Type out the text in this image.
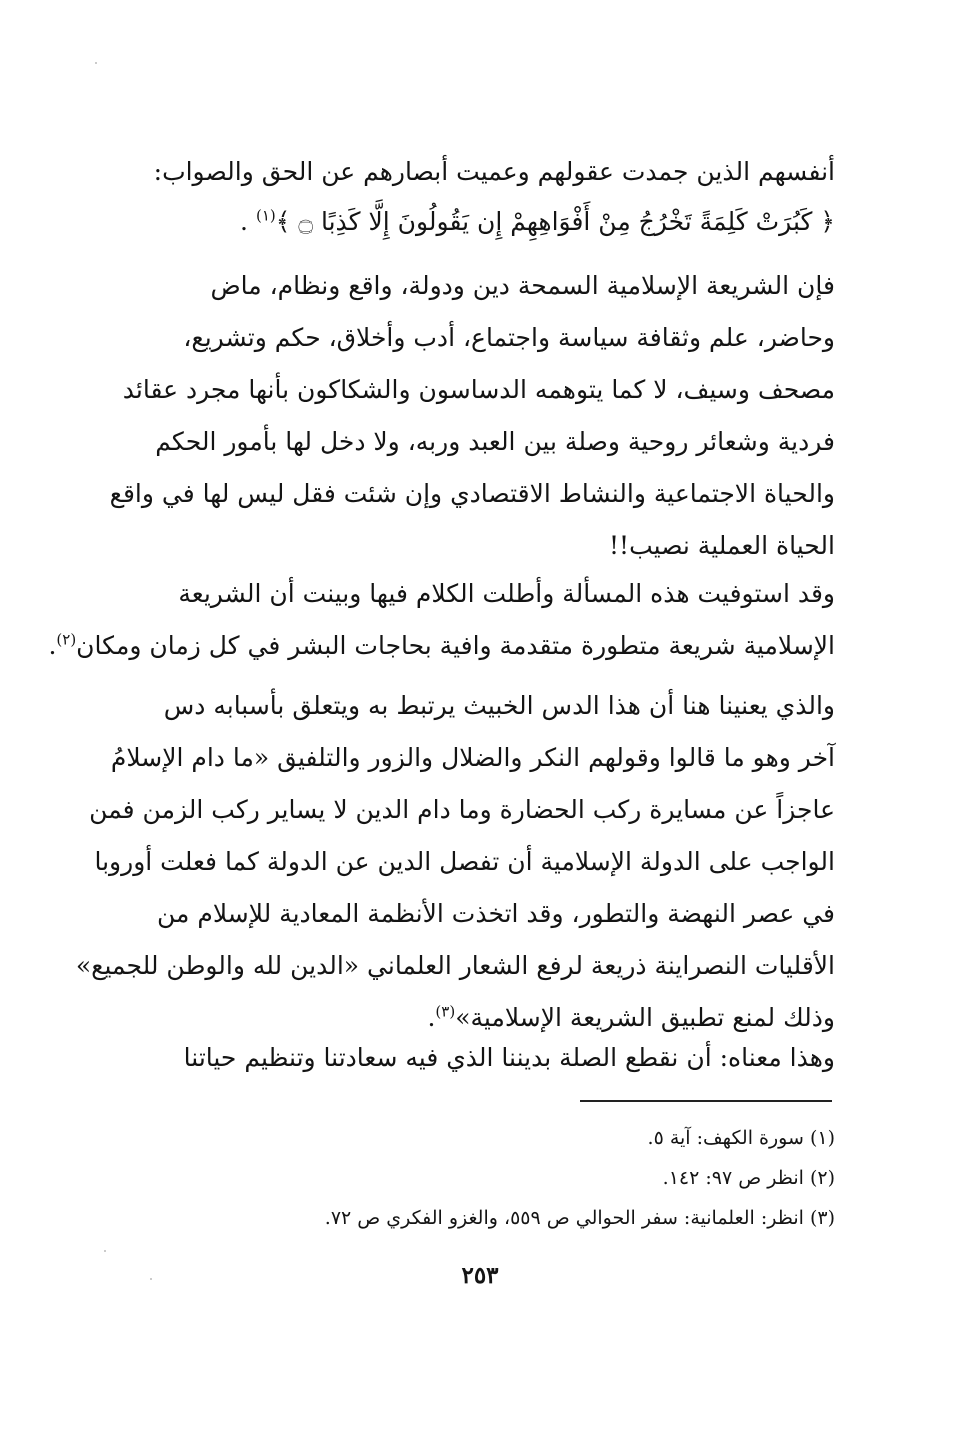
أنفسهم الذين جمدت عقولهم وعميت أبصارهم عن الحق والصواب:
﴿ كَبُرَتْ كَلِمَةً تَخْرُجُ مِنْ أَفْوَاهِهِمْ إِن يَقُولُونَ إِلَّا كَذِبًا ۝ ﴾$^{(١)}$ .
فإن الشريعة الإسلامية السمحة دين ودولة، واقع ونظام، ماض
وحاضر، علم وثقافة سياسة واجتماع، أدب وأخلاق، حكم وتشريع،
مصحف وسيف، لا كما يتوهمه الدساسون والشكاكون بأنها مجرد عقائد
فردية وشعائر روحية وصلة بين العبد وربه، ولا دخل لها بأمور الحكم
والحياة الاجتماعية والنشاط الاقتصادي وإن شئت فقل ليس لها في واقع
الحياة العملية نصيب!!
وقد استوفيت هذه المسألة وأطلت الكلام فيها وبينت أن الشريعة
الإسلامية شريعة متطورة متقدمة وافية بحاجات البشر في كل زمان ومكان$^{(٢)}$.
والذي يعنينا هنا أن هذا الدس الخبيث يرتبط به ويتعلق بأسبابه دس
آخر وهو ما قالوا وقولهم النكر والضلال والزور والتلفيق «ما دام الإسلامُ
عاجزاً عن مسايرة ركب الحضارة وما دام الدين لا يساير ركب الزمن فمن
الواجب على الدولة الإسلامية أن تفصل الدين عن الدولة كما فعلت أوروبا
في عصر النهضة والتطور، وقد اتخذت الأنظمة المعادية للإسلام من
الأقليات النصراينة ذريعة لرفع الشعار العلماني «الدين لله والوطن للجميع»
وذلك لمنع تطبيق الشريعة الإسلامية»$^{(٣)}$.
وهذا معناه: أن نقطع الصلة بديننا الذي فيه سعادتنا وتنظيم حياتنا
(١) سورة الكهف: آية ٥.
(٢) انظر ص ٩٧: ١٤٢.
(٣) انظر: العلمانية: سفر الحوالي ص ٥٥٩، والغزو الفكري ص ٧٢.
٢٥٣
